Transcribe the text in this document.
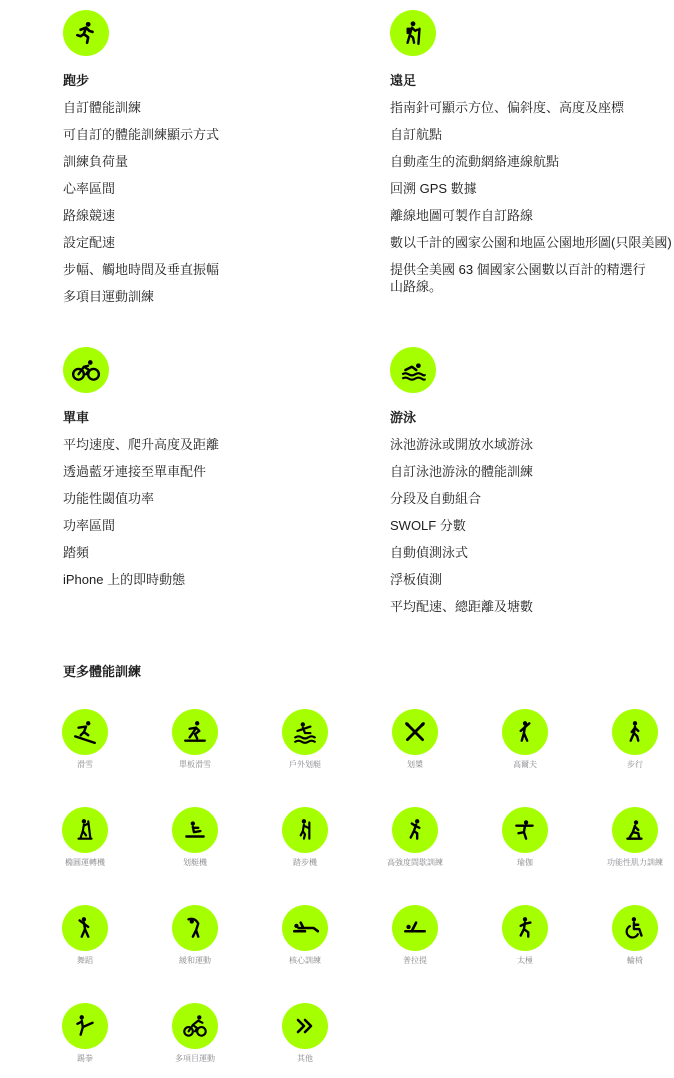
跑步
自訂體能訓練
可自訂的體能訓練顯示方式
訓練負荷量
心率區間
路線競速
設定配速
步幅、觸地時間及垂直振幅
多項目運動訓練
遠足
指南針可顯示方位、偏斜度、高度及座標
自訂航點
自動產生的流動網絡連線航點
回溯 GPS 數據
離線地圖可製作自訂路線
數以千計的國家公園和地區公園地形圖(只限美國)
提供全美國 63 個國家公園數以百計的精選行山路線。
單車
平均速度、爬升高度及距離
透過藍牙連接至單車配件
功能性閾值功率
功率區間
踏頻
iPhone 上的即時動態
游泳
泳池游泳或開放水域游泳
自訂泳池游泳的體能訓練
分段及自動組合
SWOLF 分數
自動偵測泳式
浮板偵測
平均配速、總距離及塘數
更多體能訓練
滑雪	單板滑雪	戶外划艇	划槳	高爾夫	步行
橢圓運轉機	划艇機	踏步機	高強度間歇訓練	瑜伽	功能性肌力訓練
舞蹈	緩和運動	核心訓練	普拉提	太極	輪椅
踢拳	多項目運動	其他
